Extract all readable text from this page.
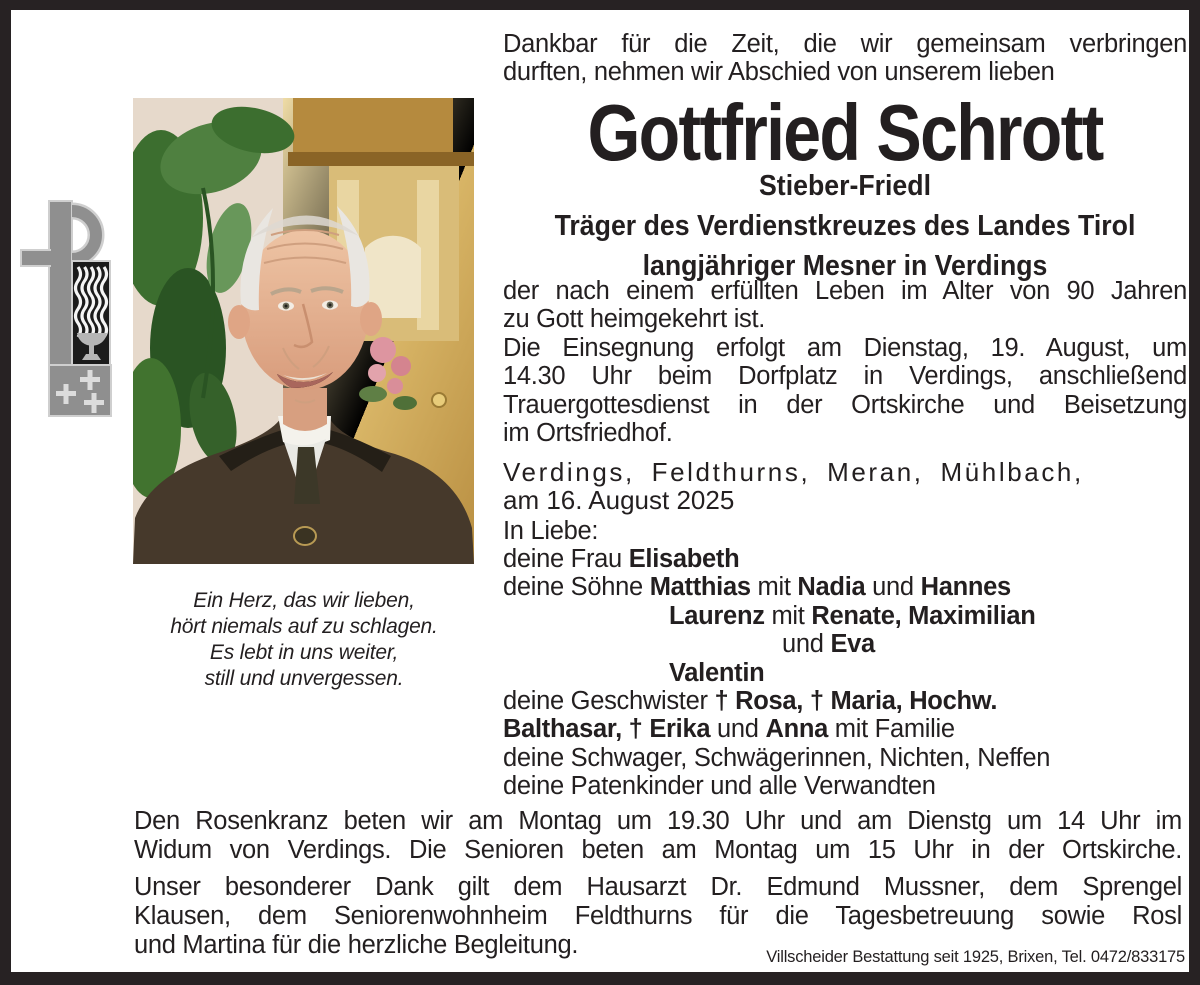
Ein Herz, das wir lieben,
hört niemals auf zu schlagen.
Es lebt in uns weiter,
still und unvergessen.
Dankbar für die Zeit, die wir gemeinsam verbringen
durften, nehmen wir Abschied von unserem lieben
Gottfried Schrott
Stieber-Friedl
Träger des Verdienstkreuzes des Landes Tirol
langjähriger Mesner in Verdings
der nach einem erfüllten Leben im Alter von 90 Jahren
zu Gott heimgekehrt ist.
Die Einsegnung erfolgt am Dienstag, 19. August, um
14.30 Uhr beim Dorfplatz in Verdings, anschließend
Trauergottesdienst in der Ortskirche und Beisetzung
im Ortsfriedhof.
Verdings, Feldthurns, Meran, Mühlbach,
am 16. August 2025
In Liebe:
deine Frau Elisabeth
deine Söhne Matthias mit Nadia und Hannes
Laurenz mit Renate, Maximilian
und Eva
Valentin
deine Geschwister † Rosa, † Maria, Hochw.
Balthasar, † Erika und Anna mit Familie
deine Schwager, Schwägerinnen, Nichten, Neffen
deine Patenkinder und alle Verwandten
Den Rosenkranz beten wir am Montag um 19.30 Uhr und am Dienstg um 14 Uhr im
Widum von Verdings. Die Senioren beten am Montag um 15 Uhr in der Ortskirche.
Unser besonderer Dank gilt dem Hausarzt Dr. Edmund Mussner, dem Sprengel
Klausen, dem Seniorenwohnheim Feldthurns für die Tagesbetreuung sowie Rosl
und Martina für die herzliche Begleitung.	Villscheider Bestattung seit 1925, Brixen, Tel. 0472/833175
